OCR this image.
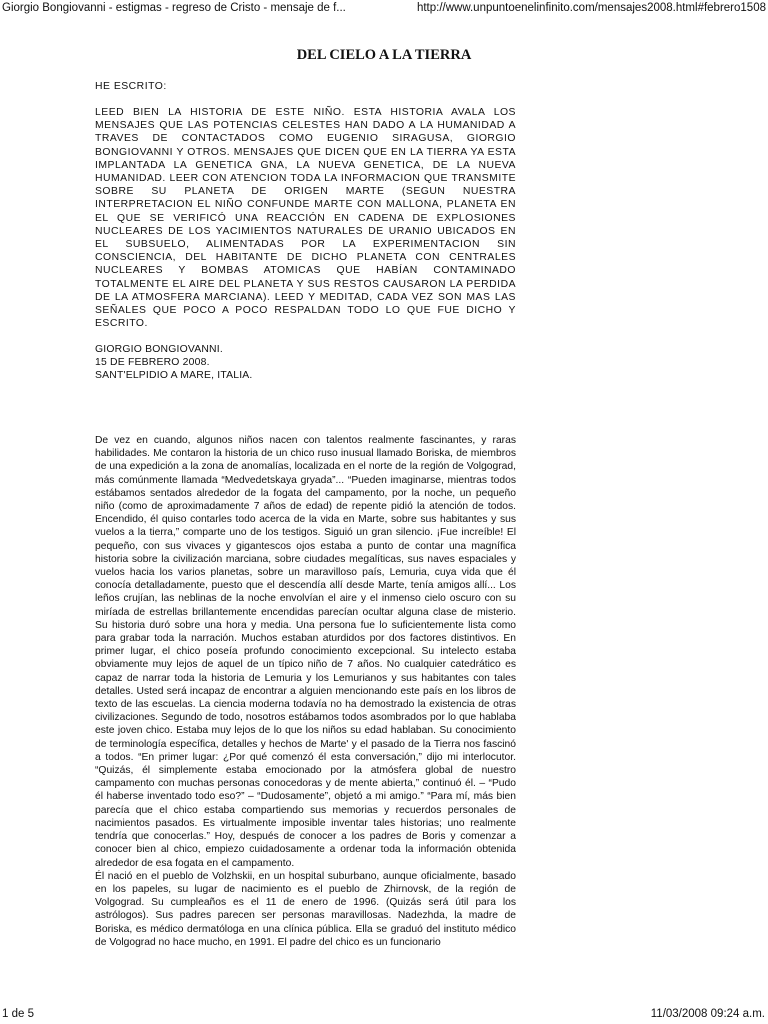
Giorgio Bongiovanni - estigmas - regreso de Cristo - mensaje de f...	http://www.unpuntoenelinfinito.com/mensajes2008.html#febrero1508
DEL CIELO A LA TIERRA
HE ESCRITO:
LEED BIEN LA HISTORIA DE ESTE NIÑO. ESTA HISTORIA AVALA LOS MENSAJES QUE LAS POTENCIAS CELESTES HAN DADO A LA HUMANIDAD A TRAVES DE CONTACTADOS COMO EUGENIO SIRAGUSA, GIORGIO BONGIOVANNI Y OTROS. MENSAJES QUE DICEN QUE EN LA TIERRA YA ESTA IMPLANTADA LA GENETICA GNA, LA NUEVA GENETICA, DE LA NUEVA HUMANIDAD. LEER CON ATENCION TODA LA INFORMACION QUE TRANSMITE SOBRE SU PLANETA DE ORIGEN MARTE (SEGUN NUESTRA INTERPRETACION EL NIÑO CONFUNDE MARTE CON MALLONA, PLANETA EN EL QUE SE VERIFICÓ UNA REACCIÓN EN CADENA DE EXPLOSIONES NUCLEARES DE LOS YACIMIENTOS NATURALES DE URANIO UBICADOS EN EL SUBSUELO, ALIMENTADAS POR LA EXPERIMENTACION SIN CONSCIENCIA, DEL HABITANTE DE DICHO PLANETA CON CENTRALES NUCLEARES Y BOMBAS ATOMICAS QUE HABÍAN CONTAMINADO TOTALMENTE EL AIRE DEL PLANETA Y SUS RESTOS CAUSARON LA PERDIDA DE LA ATMOSFERA MARCIANA). LEED Y MEDITAD, CADA VEZ SON MAS LAS SEÑALES QUE POCO A POCO RESPALDAN TODO LO QUE FUE DICHO Y ESCRITO.
GIORGIO BONGIOVANNI.
15 DE FEBRERO 2008.
SANT'ELPIDIO A MARE, ITALIA.

De vez en cuando, algunos niños nacen con talentos realmente fascinantes, y raras habilidades. Me contaron la historia de un chico ruso inusual llamado Boriska, de miembros de una expedición a la zona de anomalías, localizada en el norte de la región de Volgograd, más comúnmente llamada “Medvedetskaya gryada”... “Pueden imaginarse, mientras todos estábamos sentados alrededor de la fogata del campamento, por la noche, un pequeño niño (como de aproximadamente 7 años de edad) de repente pidió la atención de todos. Encendido, él quiso contarles todo acerca de la vida en Marte, sobre sus habitantes y sus vuelos a la tierra,” comparte uno de los testigos. Siguió un gran silencio. ¡Fue increíble! El pequeño, con sus vivaces y gigantescos ojos estaba a punto de contar una magnífica historia sobre la civilización marciana, sobre ciudades megalíticas, sus naves espaciales y vuelos hacia los varios planetas, sobre un maravilloso país, Lemuria, cuya vida que él conocía detalladamente, puesto que el descendía allí desde Marte, tenía amigos allí... Los leños crujían, las neblinas de la noche envolvían el aire y el inmenso cielo oscuro con su miríada de estrellas brillantemente encendidas parecían ocultar alguna clase de misterio. Su historia duró sobre una hora y media. Una persona fue lo suficientemente lista como para grabar toda la narración. Muchos estaban aturdidos por dos factores distintivos. En primer lugar, el chico poseía profundo conocimiento excepcional. Su intelecto estaba obviamente muy lejos de aquel de un típico niño de 7 años. No cualquier catedrático es capaz de narrar toda la historia de Lemuria y los Lemurianos y sus habitantes con tales detalles. Usted será incapaz de encontrar a alguien mencionando este país en los libros de texto de las escuelas. La ciencia moderna todavía no ha demostrado la existencia de otras civilizaciones. Segundo de todo, nosotros estábamos todos asombrados por lo que hablaba este joven chico. Estaba muy lejos de lo que los niños su edad hablaban. Su conocimiento de terminología específica, detalles y hechos de Marte' y el pasado de la Tierra nos fascinó a todos. “En primer lugar: ¿Por qué comenzó él esta conversación,” dijo mi interlocutor. “Quizás, él simplemente estaba emocionado por la atmósfera global de nuestro campamento con muchas personas conocedoras y de mente abierta,” continuó él. – “Pudo él haberse inventado todo eso?” – “Dudosamente”, objetó a mi amigo.” “Para mí, más bien parecía que el chico estaba compartiendo sus memorias y recuerdos personales de nacimientos pasados. Es virtualmente imposible inventar tales historias; uno realmente tendría que conocerlas.” Hoy, después de conocer a los padres de Boris y comenzar a conocer bien al chico, empiezo cuidadosamente a ordenar toda la información obtenida alrededor de esa fogata en el campamento.

Él nació en el pueblo de Volzhskii, en un hospital suburbano, aunque oficialmente, basado en los papeles, su lugar de nacimiento es el pueblo de Zhirnovsk, de la región de Volgograd. Su cumpleaños es el 11 de enero de 1996. (Quizás será útil para los astrólogos). Sus padres parecen ser personas maravillosas. Nadezhda, la madre de Boriska, es médico dermatóloga en una clínica pública. Ella se graduó del instituto médico de Volgograd no hace mucho, en 1991. El padre del chico es un funcionario

1 de 5	11/03/2008 09:24 a.m.
